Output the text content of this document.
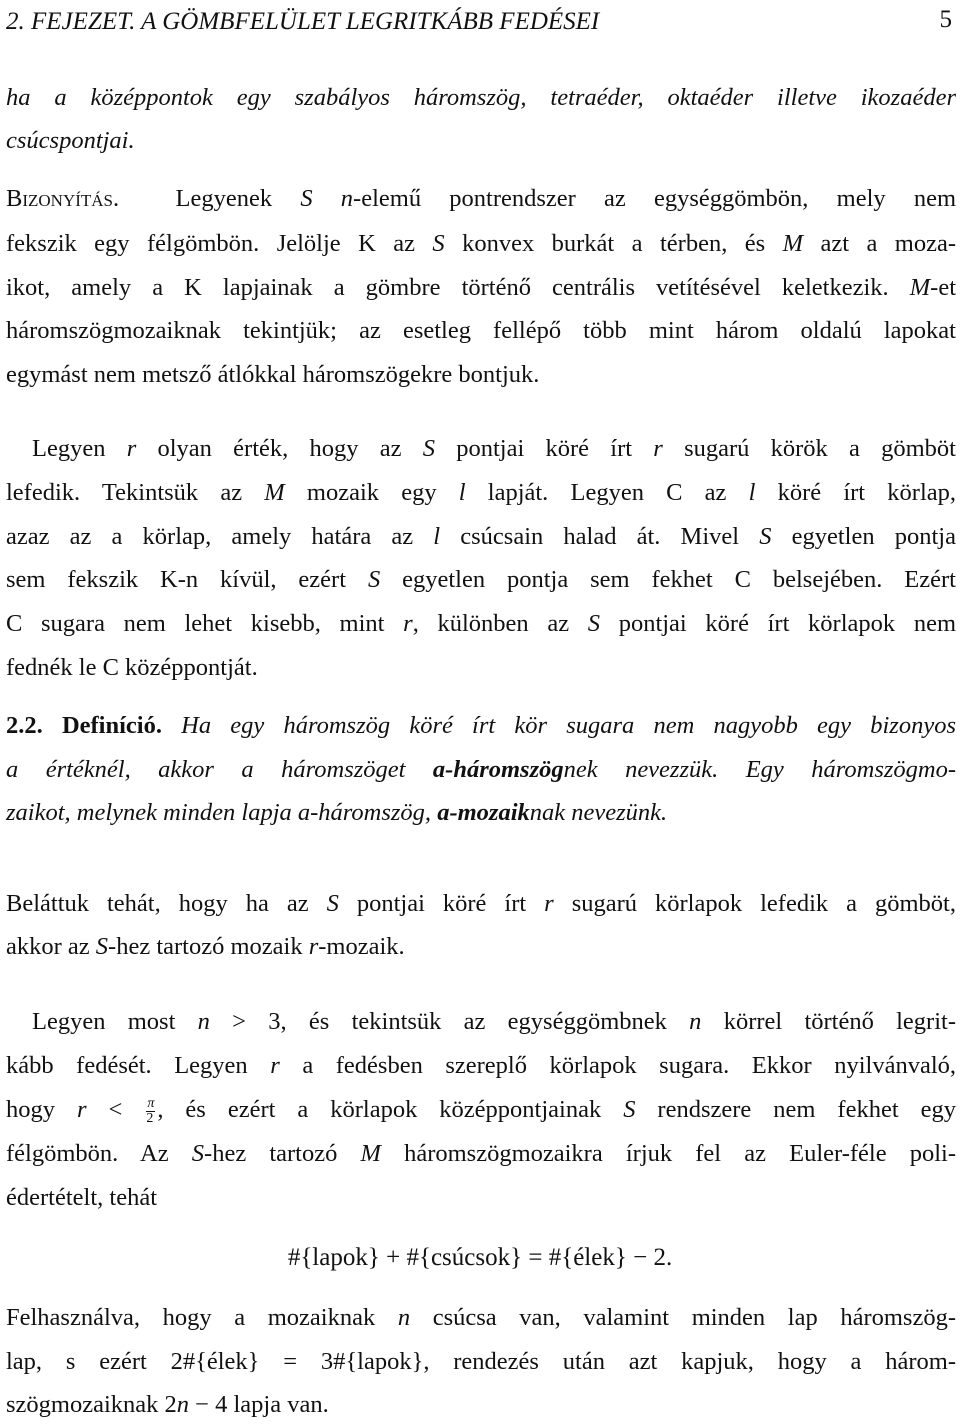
2. FEJEZET. A GÖMBFELÜLET LEGRITKÁBB FEDÉSEI	5
ha a középpontok egy szabályos háromszög, tetraéder, oktaéder illetve ikozaéder
csúcspontjai.
Bizonyítás.  Legyenek S n-elemű pontrendszer az egységgömbön, mely nem
fekszik egy félgömbön. Jelölje K az S konvex burkát a térben, és M azt a moza-
ikot, amely a K lapjainak a gömbre történő centrális vetítésével keletkezik. M-et
háromszögmozaiknak tekintjük; az esetleg fellépő több mint három oldalú lapokat
egymást nem metsző átlókkal háromszögekre bontjuk.
Legyen r olyan érték, hogy az S pontjai köré írt r sugarú körök a gömböt
lefedik. Tekintsük az M mozaik egy l lapját. Legyen C az l köré írt körlap,
azaz az a körlap, amely határa az l csúcsain halad át. Mivel S egyetlen pontja
sem fekszik K-n kívül, ezért S egyetlen pontja sem fekhet C belsejében. Ezért
C sugara nem lehet kisebb, mint r, különben az S pontjai köré írt körlapok nem
fednék le C középpontját.
2.2. Definíció. Ha egy háromszög köré írt kör sugara nem nagyobb egy bizonyos
a értéknél, akkor a háromszöget a-háromszögnek nevezzük. Egy háromszögmo-
zaikot, melynek minden lapja a-háromszög, a-mozaiknak nevezünk.
Beláttuk tehát, hogy ha az S pontjai köré írt r sugarú körlapok lefedik a gömböt,
akkor az S-hez tartozó mozaik r-mozaik.
Legyen most n > 3, és tekintsük az egységgömbnek n körrel történő legrit-
kább fedését. Legyen r a fedésben szereplő körlapok sugara. Ekkor nyilvánvaló,
hogy $r < \frac{\pi}{2}$ , és ezért a körlapok középpontjainak S rendszere nem fekhet egy
félgömbön. Az S-hez tartozó M háromszögmozaikra írjuk fel az Euler-féle poli-
édertételt, tehát
#{lapok} + #{csúcsok} = #{élek} − 2.
Felhasználva, hogy a mozaiknak n csúcsa van, valamint minden lap háromszög-
lap, s ezért 2#{élek} = 3#{lapok}, rendezés után azt kapjuk, hogy a három-
szögmozaiknak 2n − 4 lapja van.
